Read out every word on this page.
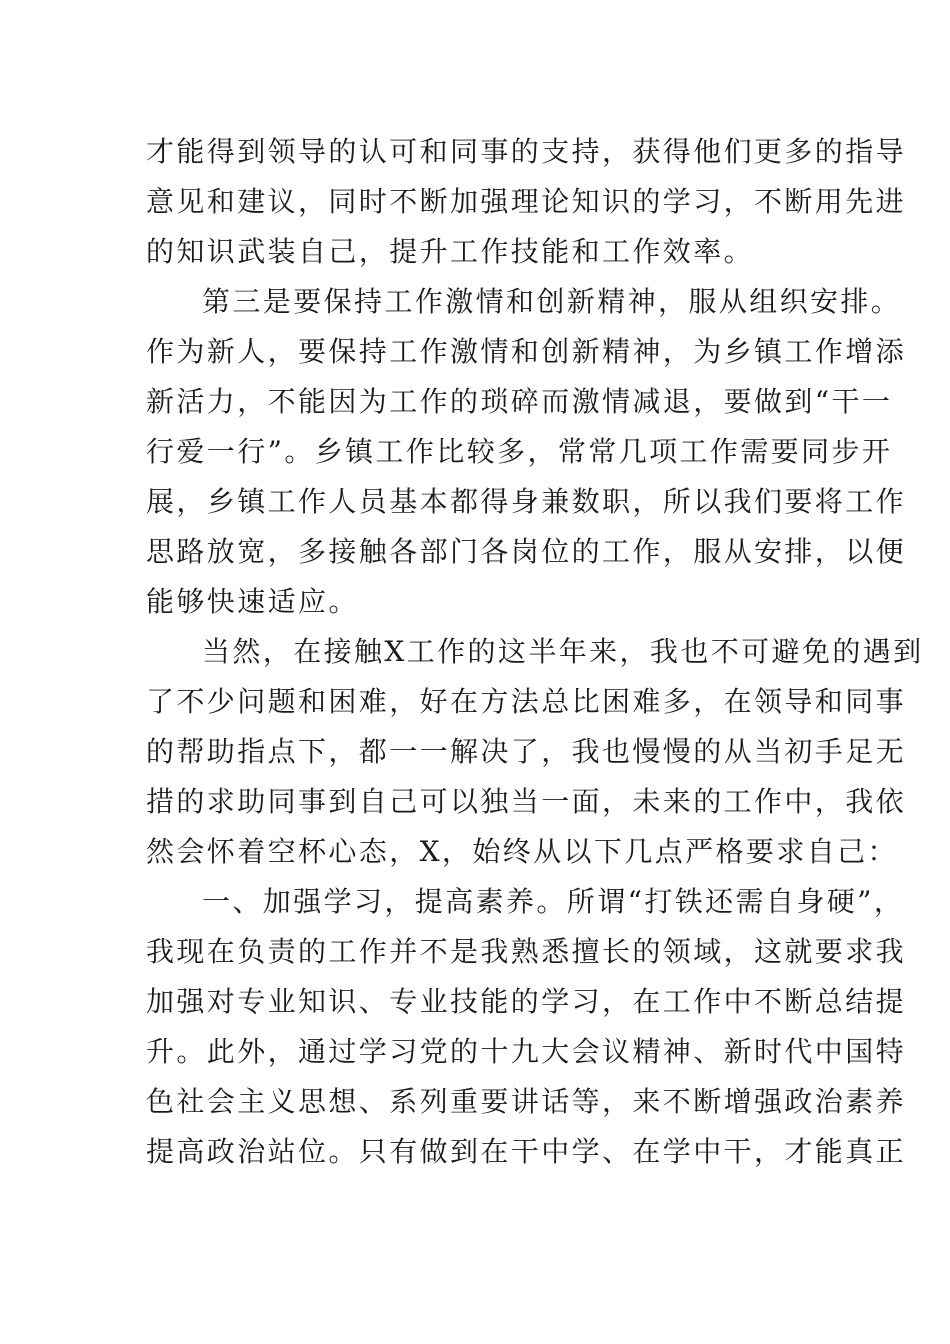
才能得到领导的认可和同事的支持，获得他们更多的指导
意见和建议，同时不断加强理论知识的学习，不断用先进
的知识武装自己，提升工作技能和工作效率。
第三是要保持工作激情和创新精神，服从组织安排。
作为新人，要保持工作激情和创新精神，为乡镇工作增添
新活力，不能因为工作的琐碎而激情减退，要做到“干一
行爱一行”。乡镇工作比较多，常常几项工作需要同步开
展，乡镇工作人员基本都得身兼数职，所以我们要将工作
思路放宽，多接触各部门各岗位的工作，服从安排，以便
能够快速适应。
当然，在接触X工作的这半年来，我也不可避免的遇到
了不少问题和困难，好在方法总比困难多，在领导和同事
的帮助指点下，都一一解决了，我也慢慢的从当初手足无
措的求助同事到自己可以独当一面，未来的工作中，我依
然会怀着空杯心态，X，始终从以下几点严格要求自己：
一、加强学习，提高素养。所谓“打铁还需自身硬”，
我现在负责的工作并不是我熟悉擅长的领域，这就要求我
加强对专业知识、专业技能的学习，在工作中不断总结提
升。此外，通过学习党的十九大会议精神、新时代中国特
色社会主义思想、系列重要讲话等，来不断增强政治素养
提高政治站位。只有做到在干中学、在学中干，才能真正
